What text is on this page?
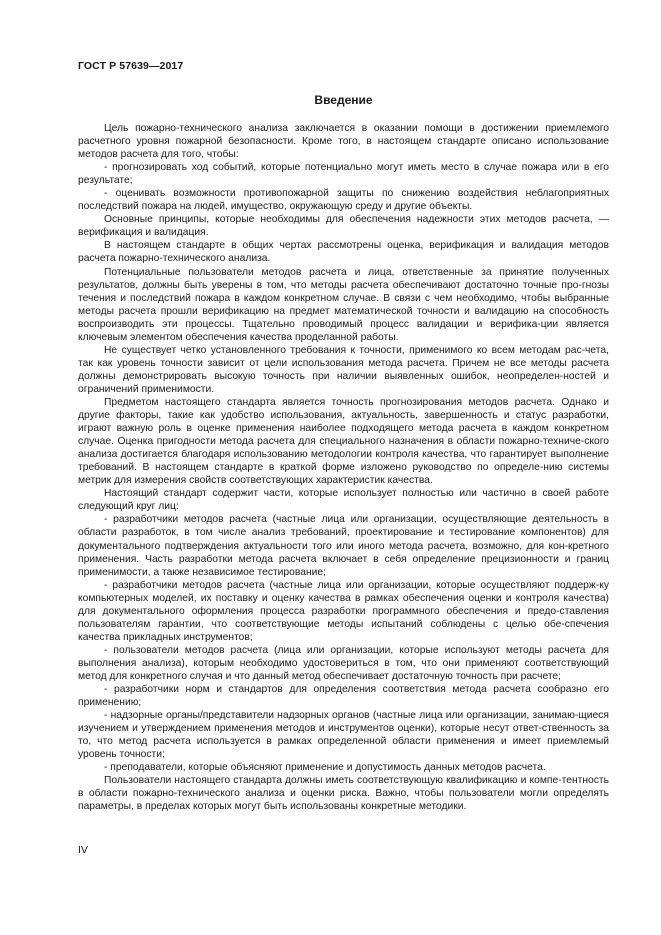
ГОСТ Р 57639—2017
Введение

Цель пожарно-технического анализа заключается в оказании помощи в достижении приемлемого расчетного уровня пожарной безопасности. Кроме того, в настоящем стандарте описано использование методов расчета для того, чтобы:

- прогнозировать ход событий, которые потенциально могут иметь место в случае пожара или в его результате;

- оценивать возможности противопожарной защиты по снижению воздействия неблагоприятных последствий пожара на людей, имущество, окружающую среду и другие объекты.

Основные принципы, которые необходимы для обеспечения надежности этих методов расчета, — верификация и валидация.

В настоящем стандарте в общих чертах рассмотрены оценка, верификация и валидация методов расчета пожарно-технического анализа.

Потенциальные пользователи методов расчета и лица, ответственные за принятие полученных результатов, должны быть уверены в том, что методы расчета обеспечивают достаточно точные про-гнозы течения и последствий пожара в каждом конкретном случае. В связи с чем необходимо, чтобы выбранные методы расчета прошли верификацию на предмет математической точности и валидацию на способность воспроизводить эти процессы. Тщательно проводимый процесс валидации и верифика-ции является ключевым элементом обеспечения качества проделанной работы.

Не существует четко установленного требования к точности, применимого ко всем методам рас-чета, так как уровень точности зависит от цели использования метода расчета. Причем не все методы расчета должны демонстрировать высокую точность при наличии выявленных ошибок, неопределен-ностей и ограничений применимости.

Предметом настоящего стандарта является точность прогнозирования методов расчета. Однако и другие факторы, такие как удобство использования, актуальность, завершенность и статус разработки, играют важную роль в оценке применения наиболее подходящего метода расчета в каждом конкретном случае. Оценка пригодности метода расчета для специального назначения в области пожарно-техниче-ского анализа достигается благодаря использованию методологии контроля качества, что гарантирует выполнение требований. В настоящем стандарте в краткой форме изложено руководство по определе-нию системы метрик для измерения свойств соответствующих характеристик качества.

Настоящий стандарт содержит части, которые использует полностью или частично в своей работе следующий круг лиц:

- разработчики методов расчета (частные лица или организации, осуществляющие деятельность в области разработок, в том числе анализ требований, проектирование и тестирование компонентов) для документального подтверждения актуальности того или иного метода расчета, возможно, для кон-кретного применения. Часть разработки метода расчета включает в себя определение прецизионности и границ применимости, а также независимое тестирование;

- разработчики методов расчета (частные лица или организации, которые осуществляют поддерж-ку компьютерных моделей, их поставку и оценку качества в рамках обеспечения оценки и контроля качества) для документального оформления процесса разработки программного обеспечения и предо-ставления пользователям гарантии, что соответствующие методы испытаний соблюдены с целью обе-спечения качества прикладных инструментов;

- пользователи методов расчета (лица или организации, которые используют методы расчета для выполнения анализа), которым необходимо удостовериться в том, что они применяют соответствующий метод для конкретного случая и что данный метод обеспечивает достаточную точность при расчете;

- разработчики норм и стандартов для определения соответствия метода расчета сообразно его применению;

- надзорные органы/представители надзорных органов (частные лица или организации, занимаю-щиеся изучением и утверждением применения методов и инструментов оценки), которые несут ответ-ственность за то, что метод расчета используется в рамках определенной области применения и имеет приемлемый уровень точности;

- преподаватели, которые объясняют применение и допустимость данных методов расчета.

Пользователи настоящего стандарта должны иметь соответствующую квалификацию и компе-тентность в области пожарно-технического анализа и оценки риска. Важно, чтобы пользователи могли определять параметры, в пределах которых могут быть использованы конкретные методики.

IV
